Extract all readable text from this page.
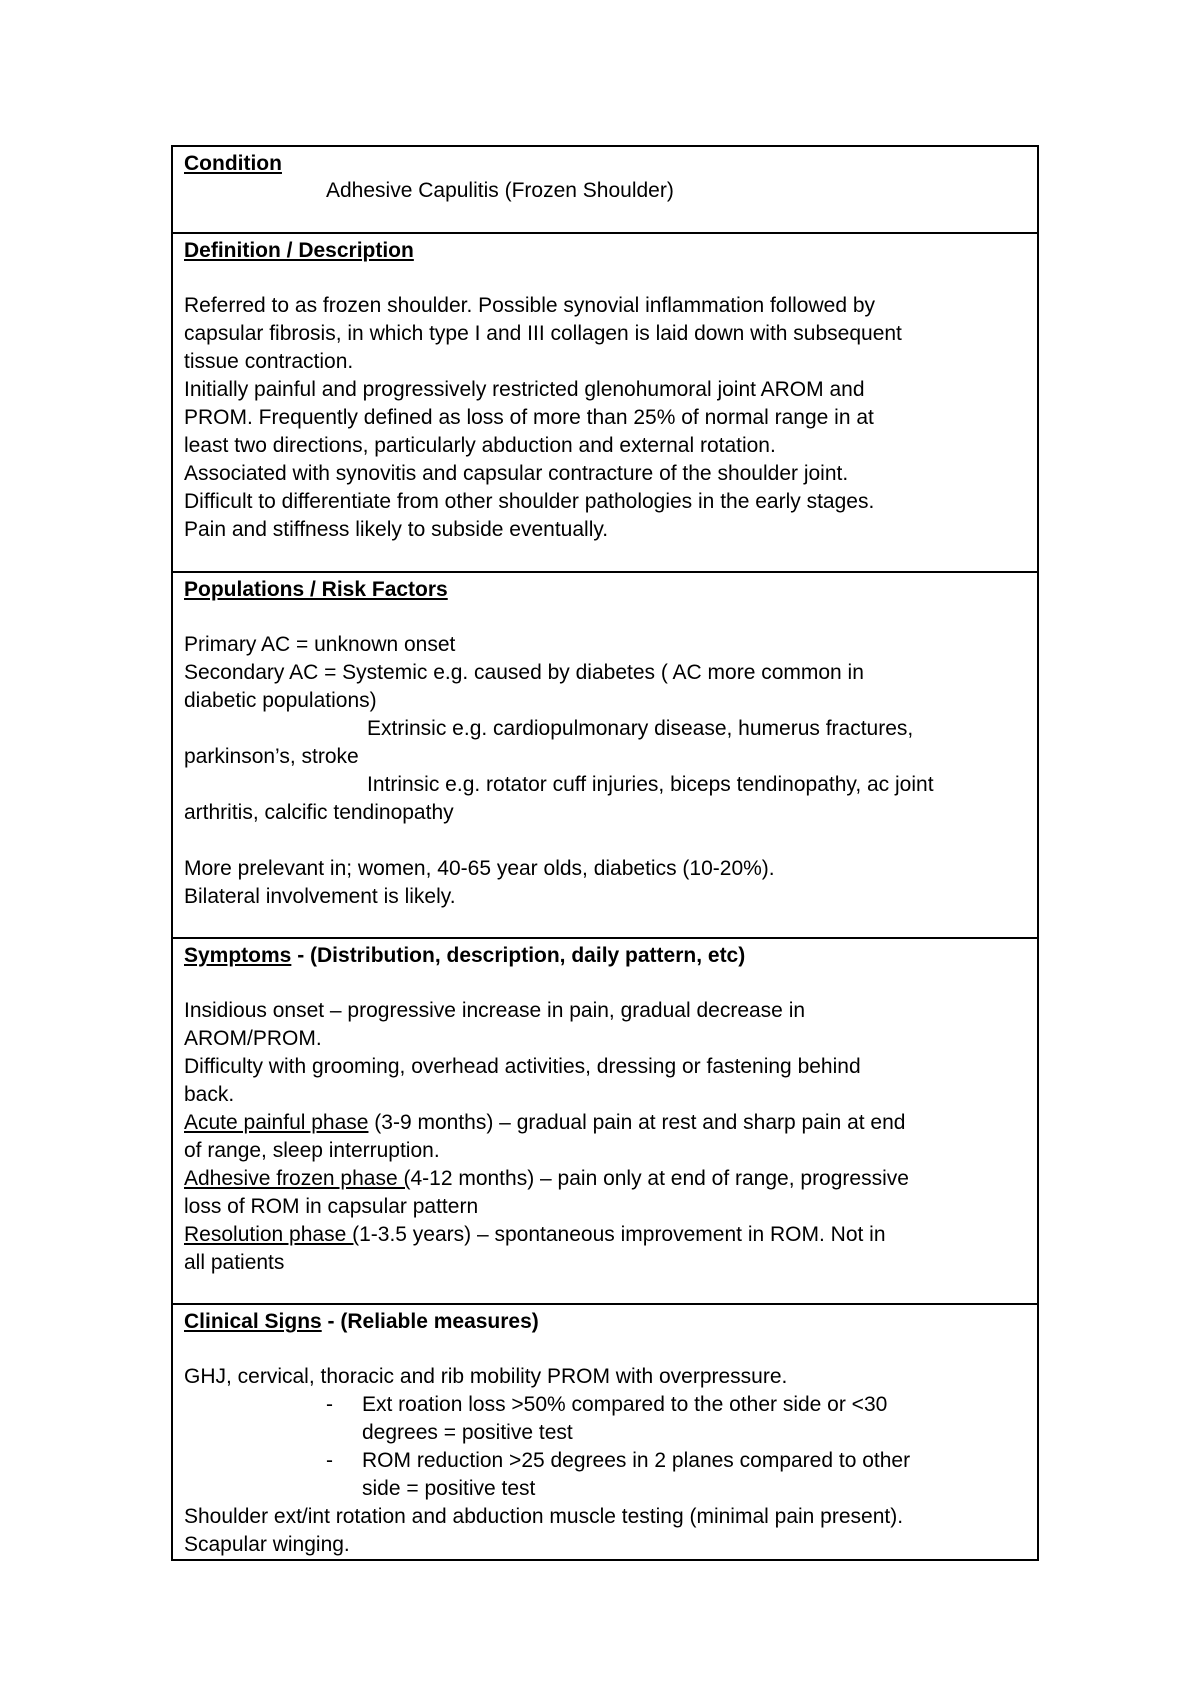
Condition
Adhesive Capulitis (Frozen Shoulder)
Definition / Description

Referred to as frozen shoulder. Possible synovial inflammation followed by

capsular fibrosis, in which type I and III collagen is laid down with subsequent

tissue contraction.

Initially painful and progressively restricted glenohumoral joint AROM and

PROM. Frequently defined as loss of more than 25% of normal range in at

least two directions, particularly abduction and external rotation.

Associated with synovitis and capsular contracture of the shoulder joint.

Difficult to differentiate from other shoulder pathologies in the early stages.

Pain and stiffness likely to subside eventually.

Populations / Risk Factors

Primary AC = unknown onset

Secondary AC = Systemic e.g. caused by diabetes ( AC more common in

diabetic populations)

Extrinsic e.g. cardiopulmonary disease, humerus fractures,

parkinson’s, stroke

Intrinsic e.g. rotator cuff injuries, biceps tendinopathy, ac joint

arthritis, calcific tendinopathy

More prelevant in; women, 40-65 year olds, diabetics (10-20%).

Bilateral involvement is likely.

Symptoms - (Distribution, description, daily pattern, etc)

Insidious onset – progressive increase in pain, gradual decrease in

AROM/PROM.

Difficulty with grooming, overhead activities, dressing or fastening behind

back.

Acute painful phase (3-9 months) – gradual pain at rest and sharp pain at end

of range, sleep interruption.

Adhesive frozen phase (4-12 months) – pain only at end of range, progressive

loss of ROM in capsular pattern

Resolution phase (1-3.5 years) – spontaneous improvement in ROM. Not in

all patients

Clinical Signs - (Reliable measures)

GHJ, cervical, thoracic and rib mobility PROM with overpressure.

-	Ext roation loss >50% compared to the other side or <30
degrees = positive test
-	ROM reduction >25 degrees in 2 planes compared to other
side = positive test

Shoulder ext/int rotation and abduction muscle testing (minimal pain present).

Scapular winging.
